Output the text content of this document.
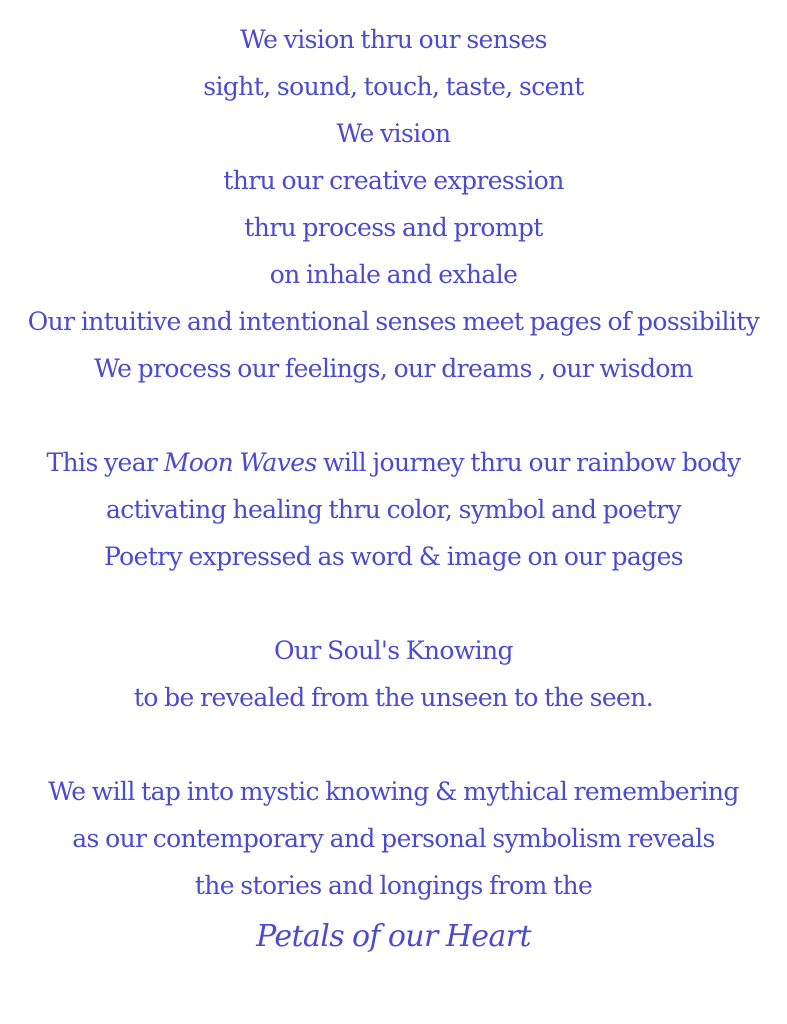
We vision thru our senses
sight, sound, touch, taste, scent
We vision
thru our creative expression
thru process and prompt
on inhale and exhale
Our intuitive and intentional senses meet pages of possibility
We process our feelings, our dreams , our wisdom
This year Moon Waves will journey thru our rainbow body
activating healing thru color, symbol and poetry
Poetry expressed as word & image on our pages
Our Soul's Knowing
to be revealed from the unseen to the seen.
We will tap into mystic knowing & mythical remembering
as our contemporary and personal symbolism reveals
the stories and longings from the
Petals of our Heart
